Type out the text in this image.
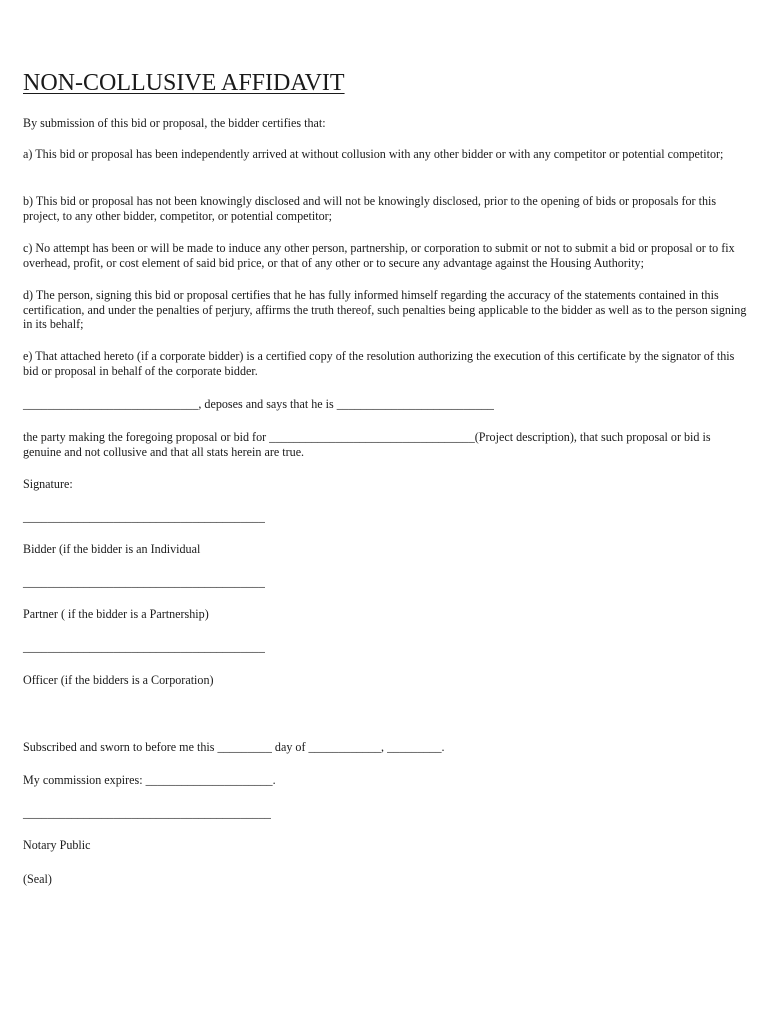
NON-COLLUSIVE AFFIDAVIT

By submission of this bid or proposal, the bidder certifies that:

a) This bid or proposal has been independently arrived at without collusion with any other bidder or with any competitor or potential competitor;

b) This bid or proposal has not been knowingly disclosed and will not be knowingly disclosed, prior to the opening of bids or proposals for this project, to any other bidder, competitor, or potential competitor;

c) No attempt has been or will be made to induce any other person, partnership, or corporation to submit or not to submit a bid or proposal or to fix overhead, profit, or cost element of said bid price, or that of any other or to secure any advantage against the Housing Authority;

d) The person, signing this bid or proposal certifies that he has fully informed himself regarding the accuracy of the statements contained in this certification, and under the penalties of perjury, affirms the truth thereof, such penalties being applicable to the bidder as well as to the person signing in its behalf;

e) That attached hereto (if a corporate bidder) is a certified copy of the resolution authorizing the execution of this certificate by the signator of this bid or proposal in behalf of the corporate bidder.

_____________________________, deposes and says that he is __________________________

the party making the foregoing proposal or bid for __________________________________(Project description), that such proposal or bid is genuine and not collusive and that all stats herein are true.

Signature:

________________________________________

Bidder (if the bidder is an Individual

________________________________________

Partner ( if the bidder is a Partnership)

________________________________________

Officer (if the bidders is a Corporation)

Subscribed and sworn to before me this _________ day of ____________, _________.

My commission expires: _____________________.

_________________________________________

Notary Public

(Seal)
